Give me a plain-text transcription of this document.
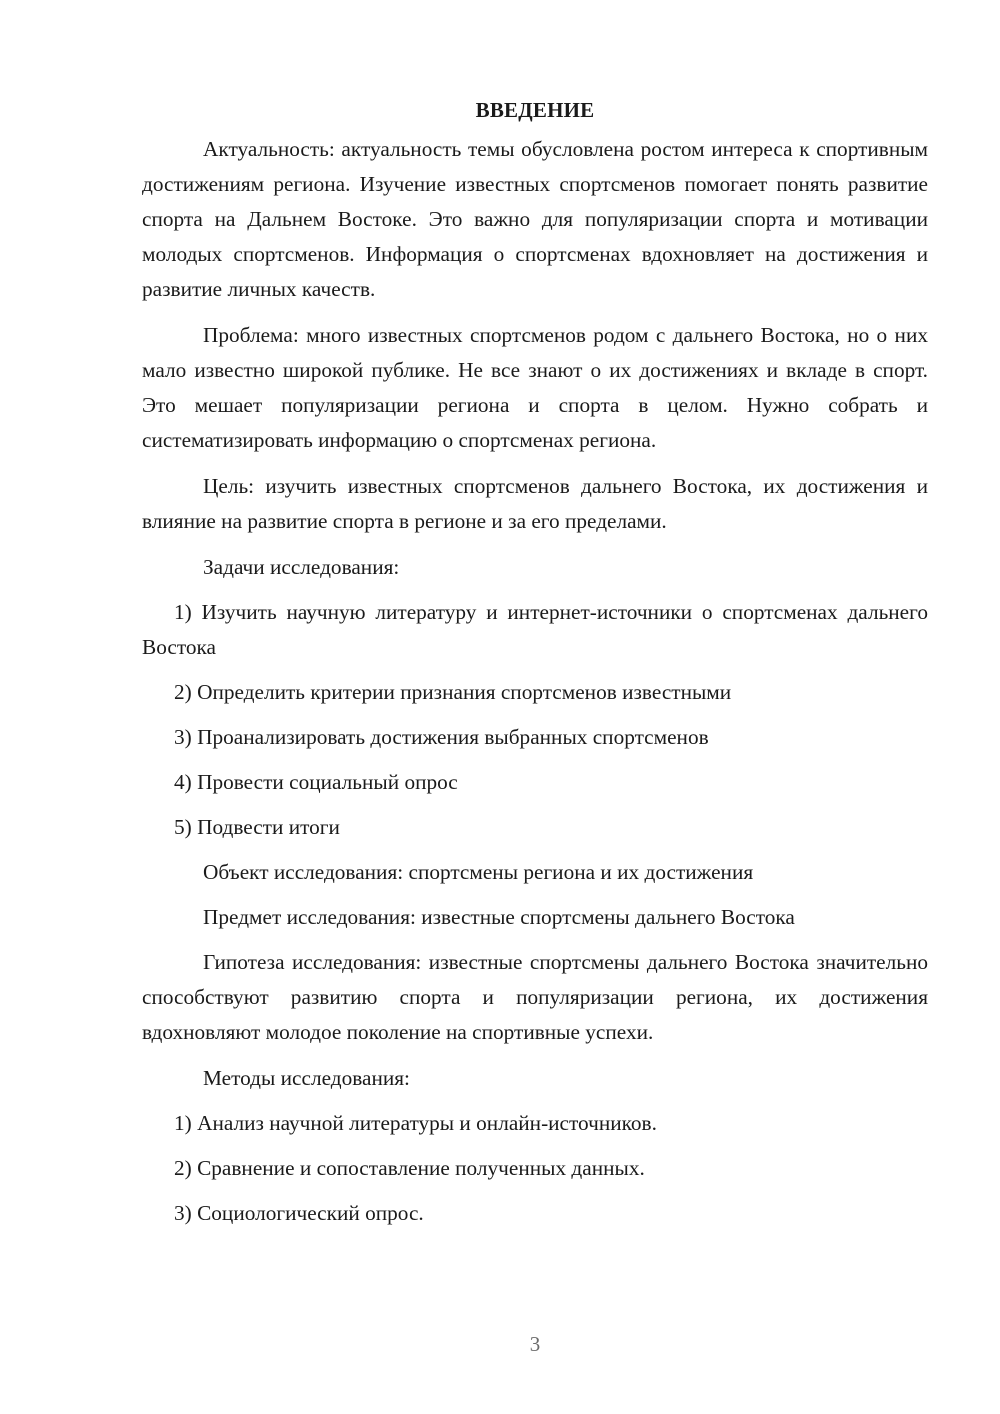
ВВЕДЕНИЕ

Актуальность: актуальность темы обусловлена ростом интереса к спортивным достижениям региона. Изучение известных спортсменов помогает понять развитие спорта на Дальнем Востоке. Это важно для популяризации спорта и мотивации молодых спортсменов. Информация о спортсменах вдохновляет на достижения и развитие личных качеств.

Проблема: много известных спортсменов родом с дальнего Востока, но о них мало известно широкой публике. Не все знают о их достижениях и вкладе в спорт. Это мешает популяризации региона и спорта в целом. Нужно собрать и систематизировать информацию о спортсменах региона.

Цель: изучить известных спортсменов дальнего Востока, их достижения и влияние на развитие спорта в регионе и за его пределами.

Задачи исследования:

1) Изучить научную литературу и интернет-источники о спортсменах дальнего Востока

2) Определить критерии признания спортсменов известными

3) Проанализировать достижения выбранных спортсменов

4) Провести социальный опрос

5) Подвести итоги

Объект исследования: спортсмены региона и их достижения

Предмет исследования: известные спортсмены дальнего Востока

Гипотеза исследования: известные спортсмены дальнего Востока значительно способствуют развитию спорта и популяризации региона, их достижения вдохновляют молодое поколение на спортивные успехи.

Методы исследования:

1) Анализ научной литературы и онлайн-источников.

2) Сравнение и сопоставление полученных данных.

3) Социологический опрос.

3
